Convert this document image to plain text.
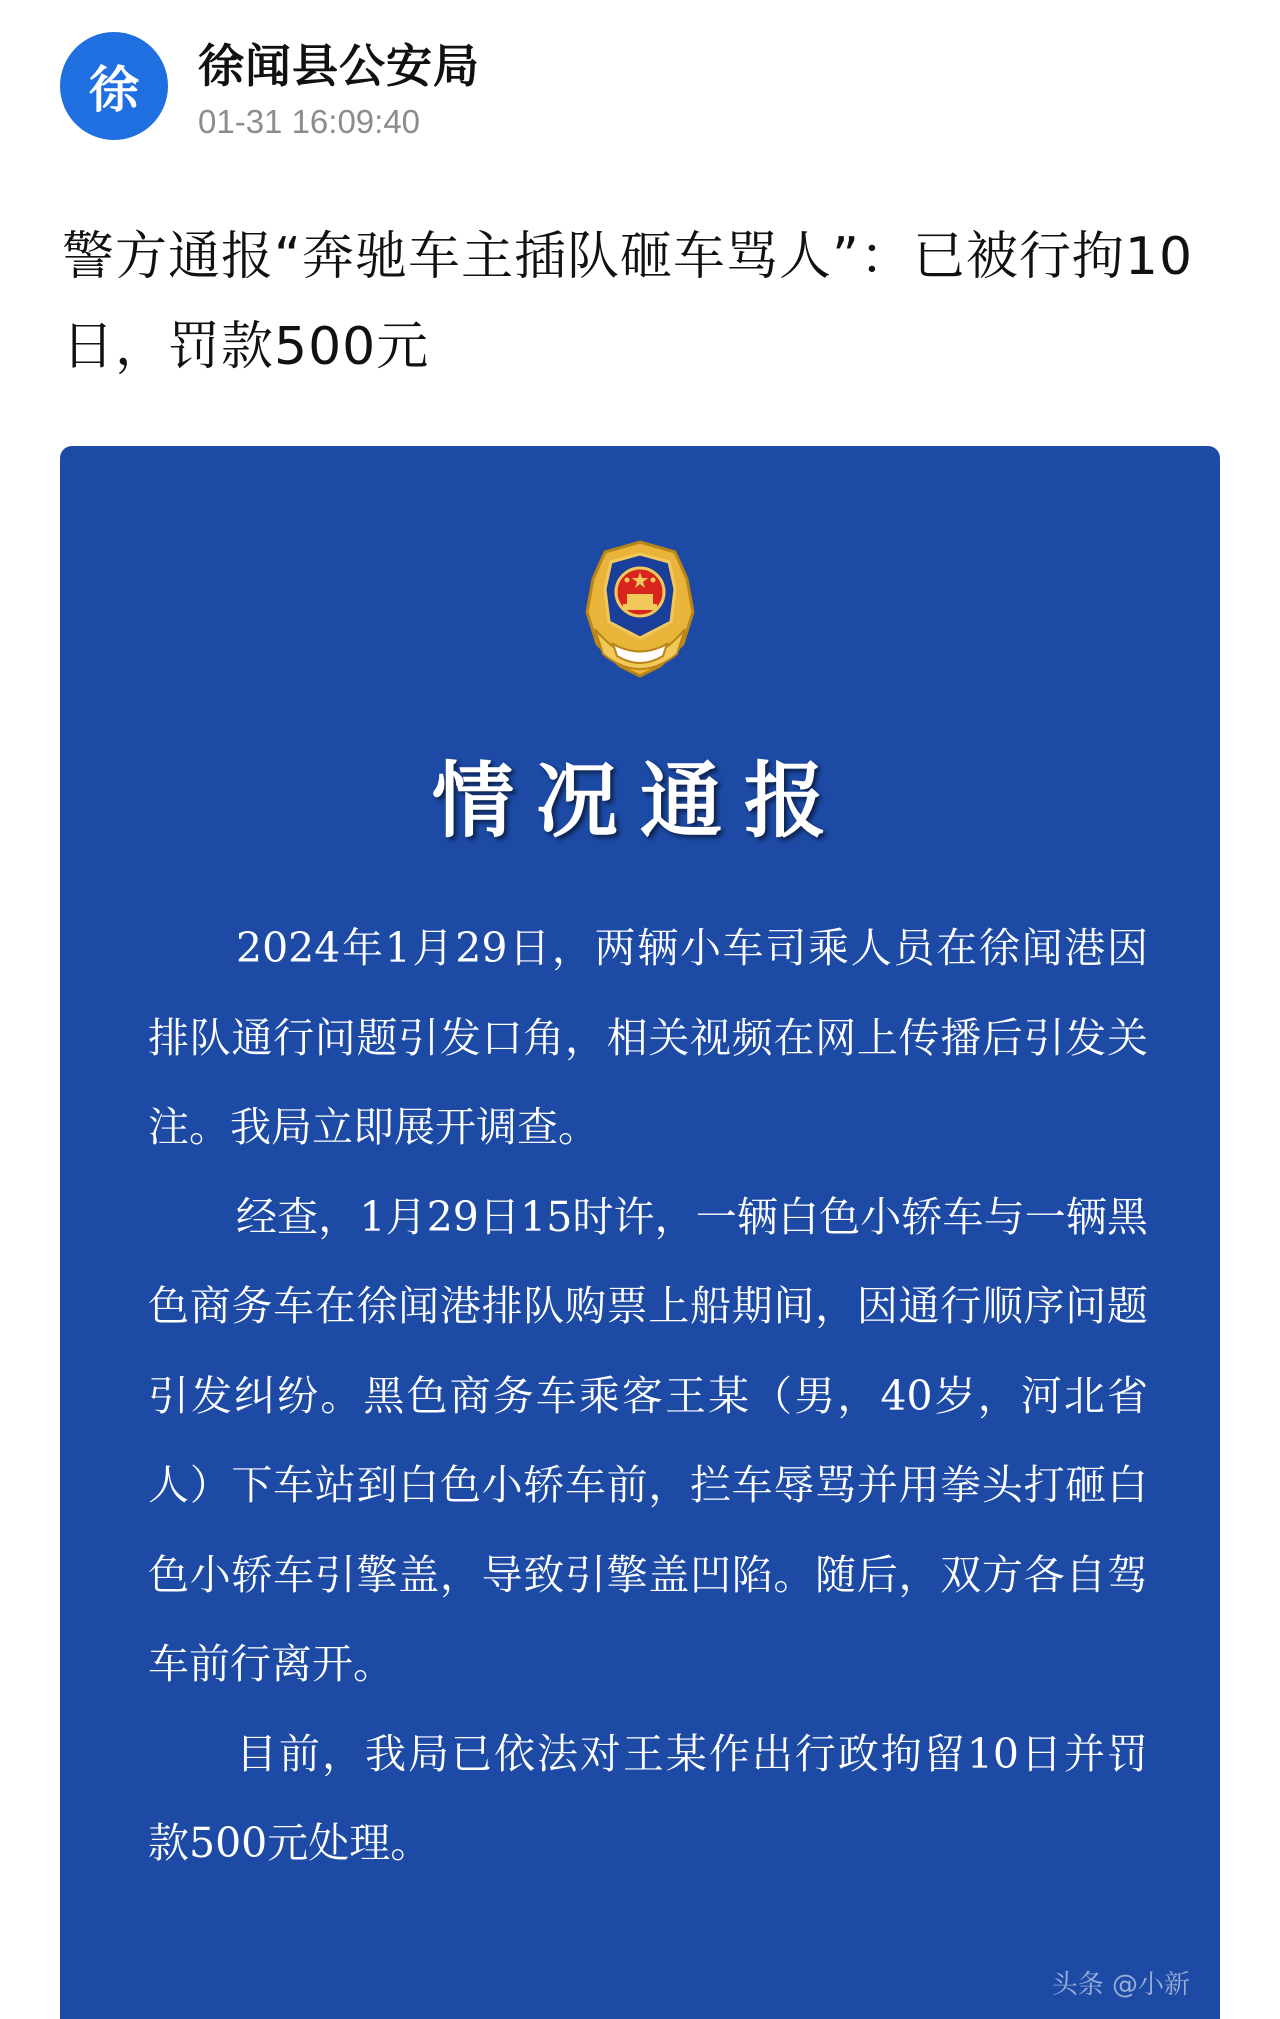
徐	徐闻县公安局
01-31 16:09:40
警方通报“奔驰车主插队砸车骂人”：已被行拘10日，罚款500元
情况通报

2024年1月29日，两辆小车司乘人员在徐闻港因排队通行问题引发口角，相关视频在网上传播后引发关注。我局立即展开调查。

经查，1月29日15时许，一辆白色小轿车与一辆黑色商务车在徐闻港排队购票上船期间，因通行顺序问题引发纠纷。黑色商务车乘客王某（男，40岁，河北省人）下车站到白色小轿车前，拦车辱骂并用拳头打砸白色小轿车引擎盖，导致引擎盖凹陷。随后，双方各自驾车前行离开。

目前，我局已依法对王某作出行政拘留10日并罚款500元处理。

头条 @小新
